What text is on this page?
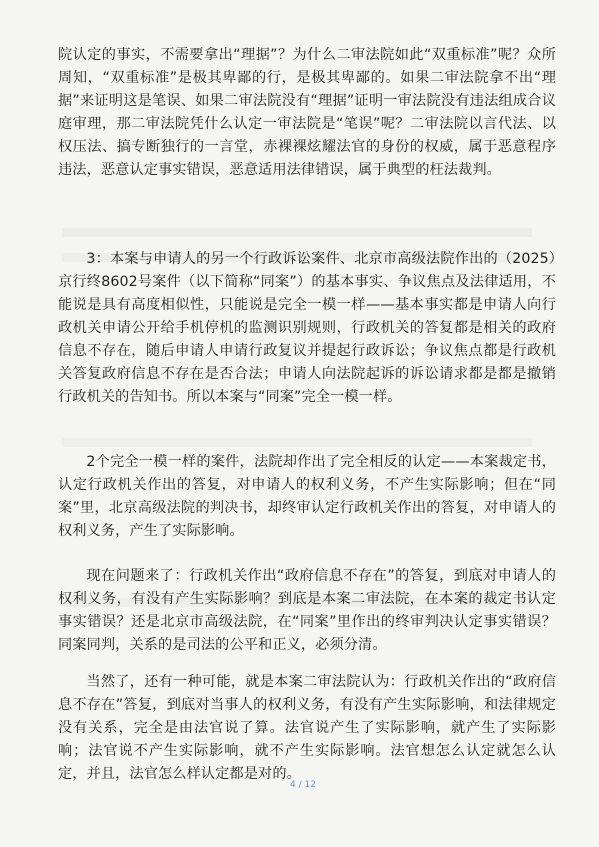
院认定的事实，不需要拿出“理据”？为什么二审法院如此“双重标准”呢？众所周知，“双重标准”是极其卑鄙的行，是极其卑鄙的。如果二审法院拿不出“理据”来证明这是笔误、如果二审法院没有“理据”证明一审法院没有违法组成合议庭审理，那二审法院凭什么认定一审法院是“笔误”呢？二审法院以言代法、以权压法、搞专断独行的一言堂，赤裸裸炫耀法官的身份的权威，属于恶意程序违法，恶意认定事实错误，恶意适用法律错误，属于典型的枉法裁判。

3：本案与申请人的另一个行政诉讼案件、北京市高级法院作出的（2025）京行终8602号案件（以下简称“同案”）的基本事实、争议焦点及法律适用，不能说是具有高度相似性，只能说是完全一模一样——基本事实都是申请人向行政机关申请公开给手机停机的监测识别规则，行政机关的答复都是相关的政府信息不存在，随后申请人申请行政复议并提起行政诉讼；争议焦点都是行政机关答复政府信息不存在是否合法；申请人向法院起诉的诉讼请求都是都是撤销行政机关的告知书。所以本案与“同案”完全一模一样。

2个完全一模一样的案件，法院却作出了完全相反的认定——本案裁定书，认定行政机关作出的答复，对申请人的权利义务，不产生实际影响；但在“同案”里，北京高级法院的判决书，却终审认定行政机关作出的答复，对申请人的权利义务，产生了实际影响。

现在问题来了：行政机关作出“政府信息不存在”的答复，到底对申请人的权利义务，有没有产生实际影响？到底是本案二审法院，在本案的裁定书认定事实错误？还是北京市高级法院，在“同案”里作出的终审判决认定事实错误？同案同判，关系的是司法的公平和正义，必须分清。

当然了，还有一种可能，就是本案二审法院认为：行政机关作出的“政府信息不存在”答复，到底对当事人的权利义务，有没有产生实际影响，和法律规定没有关系，完全是由法官说了算。法官说产生了实际影响，就产生了实际影响；法官说不产生实际影响，就不产生实际影响。法官想怎么认定就怎么认定，并且，法官怎么样认定都是对的。

4 / 12
